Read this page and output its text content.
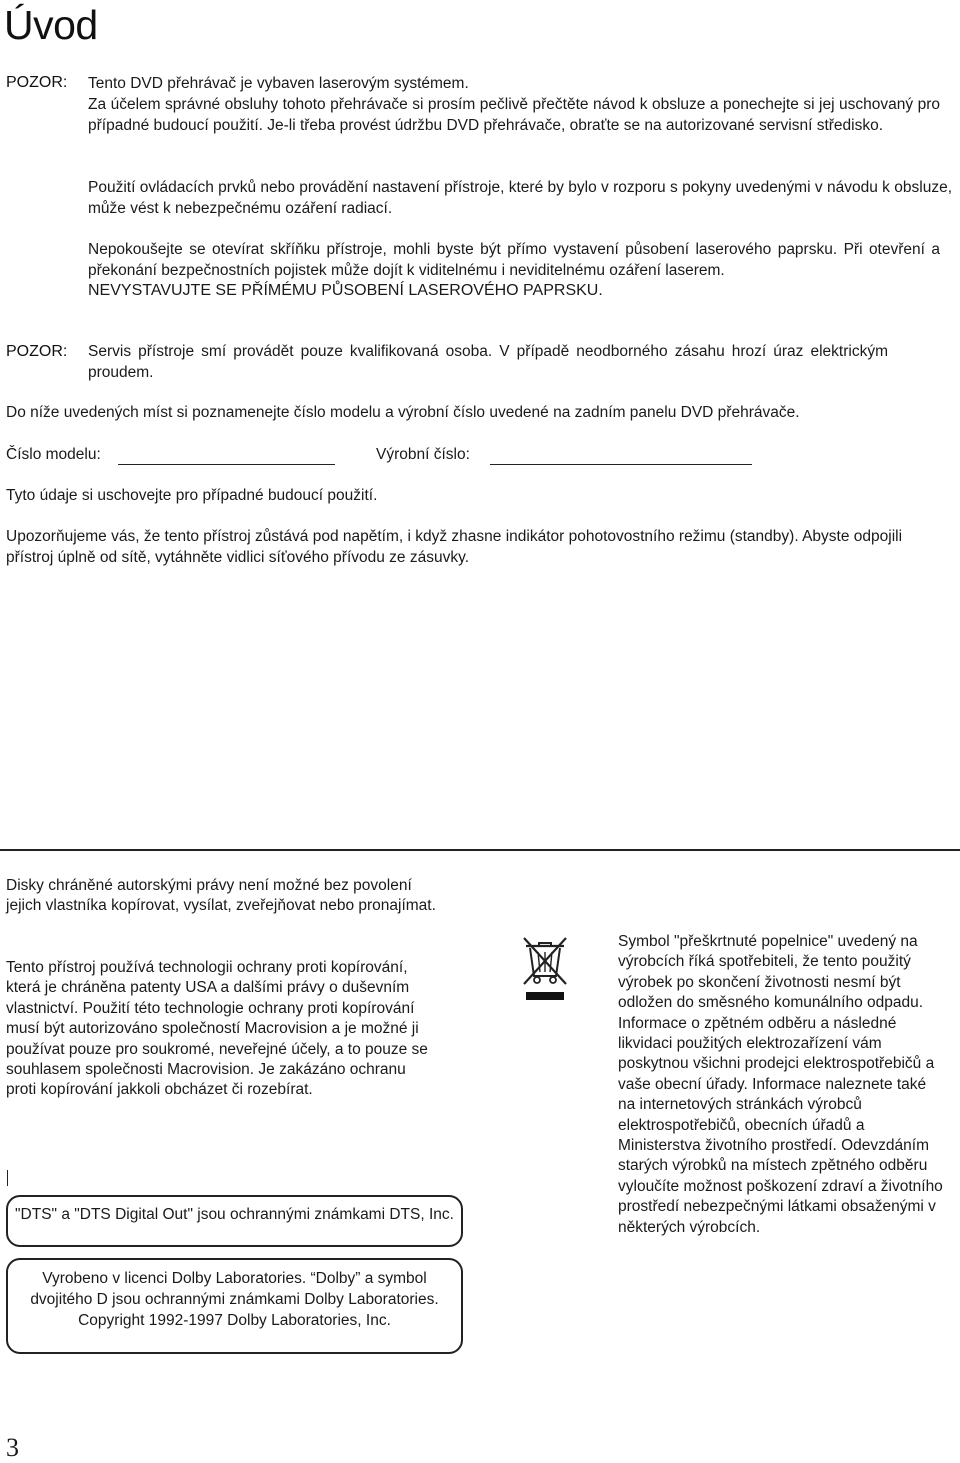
Úvod
POZOR: Tento DVD přehrávač je vybaven laserovým systémem.
Za účelem správné obsluhy tohoto přehrávače si prosím pečlivě přečtěte návod k obsluze a ponechejte si jej uschovaný pro případné budoucí použití. Je-li třeba provést údržbu DVD přehrávače, obraťte se na autorizované servisní středisko.
Použití ovládacích prvků nebo provádění nastavení přístroje, které by bylo v rozporu s pokyny uvedenými v návodu k obsluze, může vést k nebezpečnému ozáření radiací.
Nepokoušejte se otevírat skříňku přístroje, mohli byste být přímo vystavení působení laserového paprsku. Při otevření a překonání bezpečnostních pojistek může dojít k viditelnému i neviditelnému ozáření laserem.
NEVYSTAVUJTE SE PŘÍMÉMU PŮSOBENÍ LASEROVÉHO PAPRSKU.
POZOR: Servis přístroje smí provádět pouze kvalifikovaná osoba. V případě neodborného zásahu hrozí úraz elektrickým proudem.
Do níže uvedených míst si poznamenejte číslo modelu a výrobní číslo uvedené na zadním panelu DVD přehrávače.
Číslo modelu:	Výrobní číslo:
Tyto údaje si uschovejte pro případné budoucí použití.
Upozorňujeme vás, že tento přístroj zůstává pod napětím, i když zhasne indikátor pohotovostního režimu (standby). Abyste odpojili přístroj úplně od sítě, vytáhněte vidlici síťového přívodu ze zásuvky.
Disky chráněné autorskými právy není možné bez povolení jejich vlastníka kopírovat, vysílat, zveřejňovat nebo pronajímat.
Tento přístroj používá technologii ochrany proti kopírování, která je chráněna patenty USA a dalšími právy o duševním vlastnictví. Použití této technologie ochrany proti kopírování musí být autorizováno společností Macrovision a je možné ji používat pouze pro soukromé, neveřejné účely, a to pouze se souhlasem společnosti Macrovision. Je zakázáno ochranu proti kopírování jakkoli obcházet či rozebírat.
"DTS" a "DTS Digital Out" jsou ochrannými známkami DTS, Inc.
Vyrobeno v licenci Dolby Laboratories. “Dolby” a symbol dvojitého D jsou ochrannými známkami Dolby Laboratories. Copyright 1992-1997 Dolby Laboratories, Inc.
Symbol "přeškrtnuté popelnice" uvedený na výrobcích říká spotřebiteli, že tento použitý výrobek po skončení životnosti nesmí být odložen do směsného komunálního odpadu. Informace o zpětném odběru a následné likvidaci použitých elektrozařízení vám poskytnou všichni prodejci elektrospotřebičů a vaše obecní úřady. Informace naleznete také na internetových stránkách výrobců elektrospotřebičů, obecních úřadů a Ministerstva životního prostředí. Odevzdáním starých výrobků na místech zpětného odběru vyloučíte možnost poškození zdraví a životního prostředí nebezpečnými látkami obsaženými v některých výrobcích.
3
